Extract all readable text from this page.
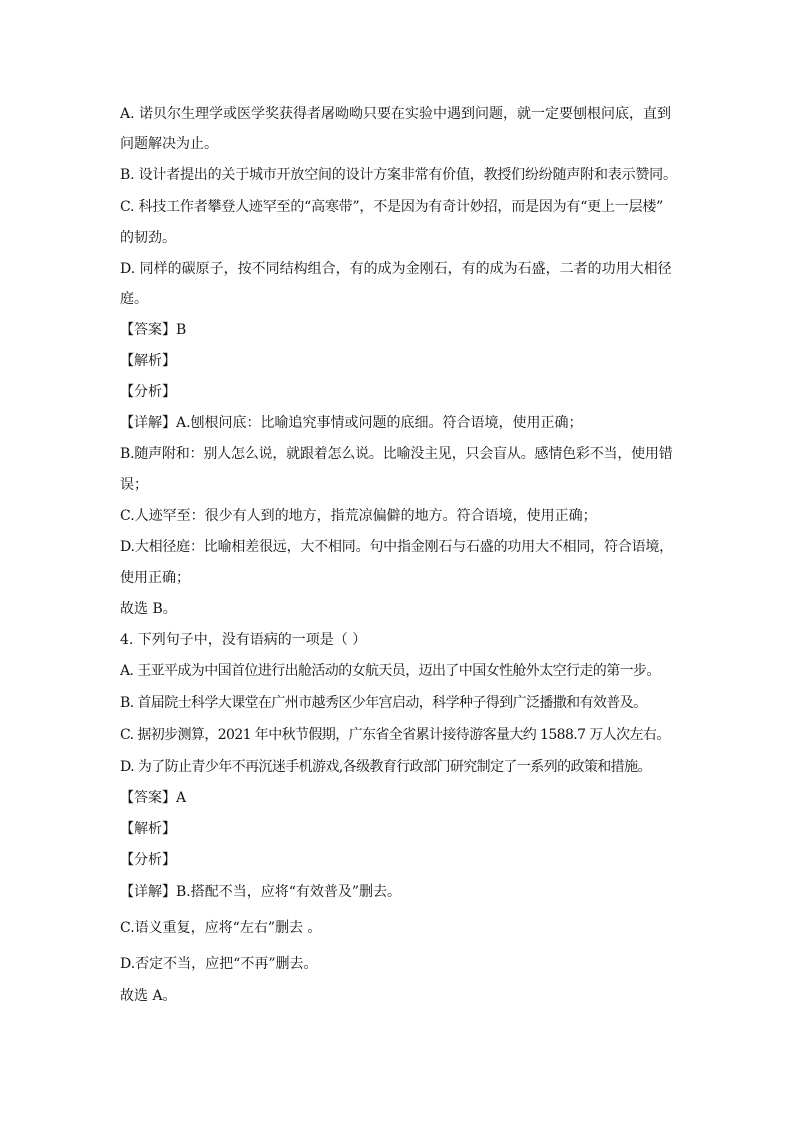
A. 诺贝尔生理学或医学奖获得者屠呦呦只要在实验中遇到问题，就一定要刨根问底，直到
问题解决为止。
B. 设计者提出的关于城市开放空间的设计方案非常有价值，教授们纷纷随声附和表示赞同。
C. 科技工作者攀登人迹罕至的“高寒带”，不是因为有奇计妙招，而是因为有“更上一层楼”
的韧劲。
D. 同样的碳原子，按不同结构组合，有的成为金刚石，有的成为石盛，二者的功用大相径
庭。
【答案】B
【解析】
【分析】
【详解】A.刨根问底：比喻追究事情或问题的底细。符合语境，使用正确；
B.随声附和：别人怎么说，就跟着怎么说。比喻没主见，只会盲从。感情色彩不当，使用错
误；
C.人迹罕至：很少有人到的地方，指荒凉偏僻的地方。符合语境，使用正确；
D.大相径庭：比喻相差很远，大不相同。句中指金刚石与石盛的功用大不相同，符合语境，
使用正确；
故选 B。
4. 下列句子中，没有语病的一项是（ ）
A. 王亚平成为中国首位进行出舱活动的女航天员，迈出了中国女性舱外太空行走的第一步。
B. 首届院士科学大课堂在广州市越秀区少年宫启动，科学种子得到广泛播撒和有效普及。
C. 据初步测算，2021 年中秋节假期，广东省全省累计接待游客量大约 1588.7 万人次左右。
D. 为了防止青少年不再沉迷手机游戏,各级教育行政部门研究制定了一系列的政策和措施。
【答案】A
【解析】
【分析】
【详解】B.搭配不当，应将“有效普及”删去。
C.语义重复，应将“左右”删去 。
D.否定不当，应把“不再”删去。
故选 A。
